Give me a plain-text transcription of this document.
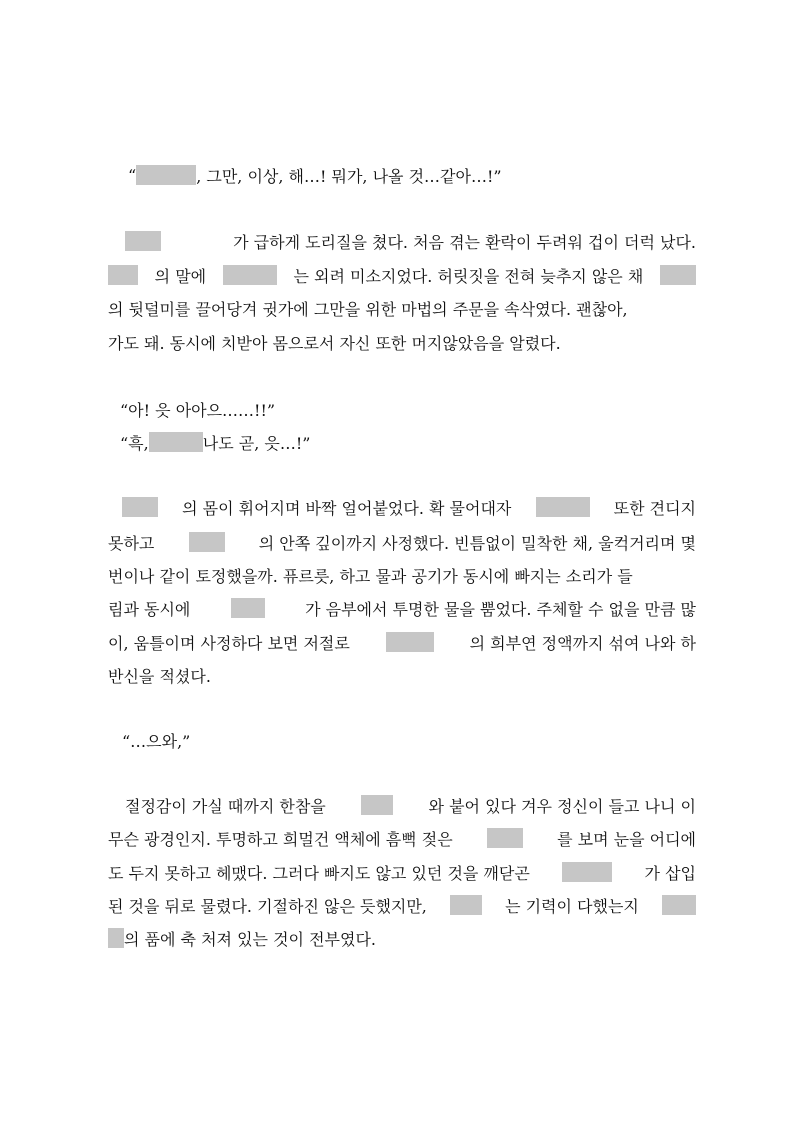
“	, 그만, 이상, 해…! 뭐가, 나올 것…같아…!”
가 급하게 도리질을 쳤다. 처음 겪는 환락이 두려워 겁이 더럭 났다.
의 말에	는 외려 미소지었다. 허릿짓을 전혀 늦추지 않은 채
의 뒷덜미를 끌어당겨 귓가에 그만을 위한 마법의 주문을 속삭였다. 괜찮아,
가도 돼. 동시에 치받아 몸으로서 자신 또한 머지않았음을 알렸다.
“아! 읏 아아으……!!”
“흑,	나도 곧, 읏…!”
의 몸이 휘어지며 바짝 얼어붙었다. 확 물어대자	또한 견디지
못하고	의 안쪽 깊이까지 사정했다. 빈틈없이 밀착한 채, 울컥거리며 몇
번이나 같이 토정했을까. 퓨르릇, 하고 물과 공기가 동시에 빠지는 소리가 들
림과 동시에	가 음부에서 투명한 물을 뿜었다. 주체할 수 없을 만큼 많
이, 움틀이며 사정하다 보면 저절로	의 희부연 정액까지 섞여 나와 하
반신을 적셨다.
“…으와,”
절정감이 가실 때까지 한참을	와 붙어 있다 겨우 정신이 들고 나니 이
무슨 광경인지. 투명하고 희멀건 액체에 흠뻑 젖은	를 보며 눈을 어디에
도 두지 못하고 헤맸다. 그러다 빠지도 않고 있던 것을 깨닫곤	가 삽입
된 것을 뒤로 물렸다. 기절하진 않은 듯했지만,	는 기력이 다했는지
의 품에 축 처져 있는 것이 전부였다.
